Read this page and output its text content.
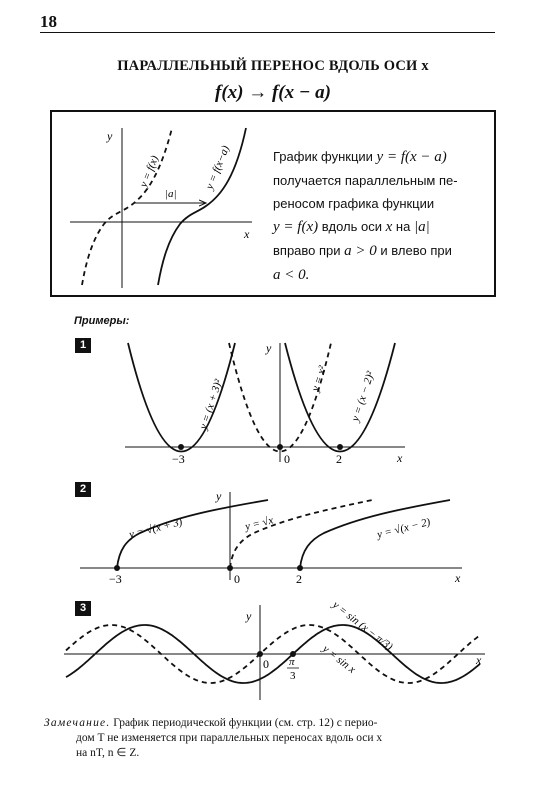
18
ПАРАЛЛЕЛЬНЫЙ ПЕРЕНОС ВДОЛЬ ОСИ x
f(x) → f(x − a)
x
y
|a|
y = f(x)	y = f(x−a)	График функции y = f(x − a)
получается параллельным пе-
реносом графика функции
y = f(x) вдоль оси x на |a|
вправо при a > 0 и влево при
a < 0.
Примеры:
1
−3	0	2	x
y
y = (x + 3)²	y = x² y = (x − 2)²
2
−3	0	2	x
y
y = √(x + 3)	y = √x	y = √(x − 2)
3
0 π
3
x
y	y = sin (x − π/3)
y = sin x
Замечание. График периодической функции (см. стр. 12) с перио-
дом T не изменяется при параллельных переносах вдоль оси x
на nT, n ∈ Z.
